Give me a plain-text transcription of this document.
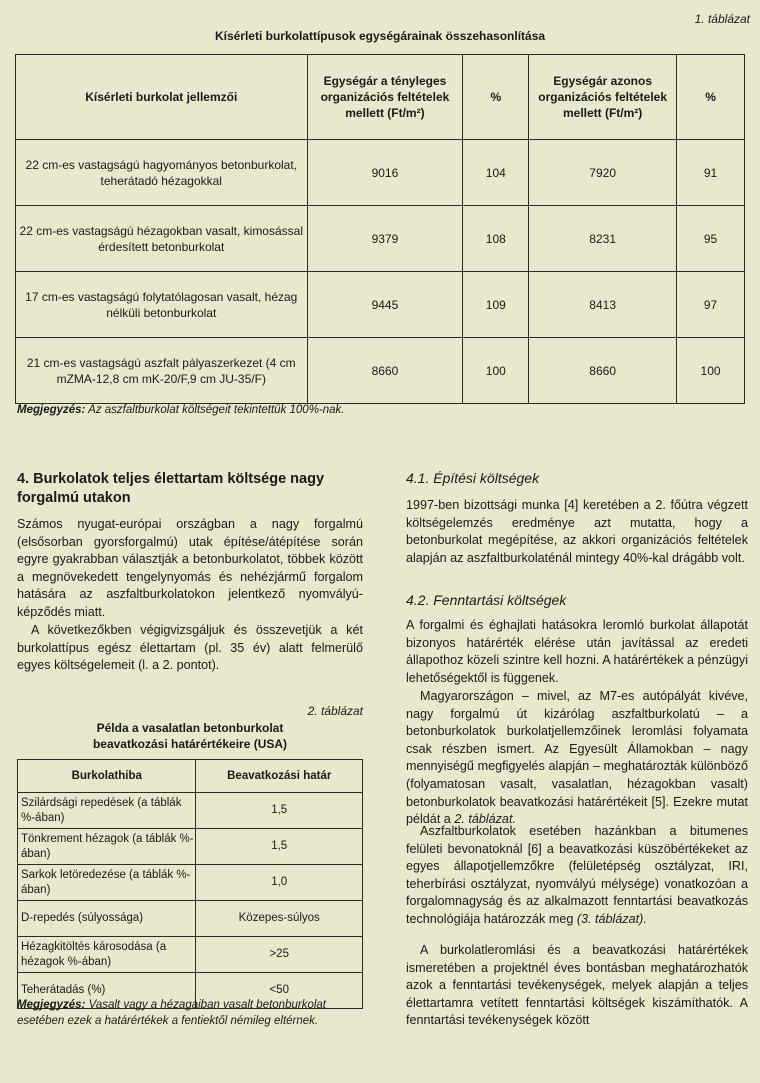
1. táblázat
Kísérleti burkolattípusok egységárainak összehasonlítása
Kísérleti burkolat jellemzői	Egységár a tényleges organizációs feltételek mellett (Ft/m²)	%	Egységár azonos organizációs feltételek mellett (Ft/m²)	%
22 cm-es vastagságú hagyományos betonburkolat, teherátadó hézagokkal	9016	104	7920	91
22 cm-es vastagságú hézagokban vasalt, kimosással érdesített betonburkolat	9379	108	8231	95
17 cm-es vastagságú folytatólagosan vasalt, hézag nélküli betonburkolat	9445	109	8413	97
21 cm-es vastagságú aszfalt pályaszerkezet (4 cm mZMA-12,8 cm mK-20/F,9 cm JU-35/F)	8660	100	8660	100
Megjegyzés: Az aszfaltburkolat költségeit tekintettük 100%-nak.
4. Burkolatok teljes élettartam költsége nagy forgalmú utakon
Számos nyugat-európai országban a nagy forgalmú (elsősorban gyorsforgalmú) utak építése/átépítése során egyre gyakrabban választják a betonburkolatot, többek között a megnövekedett tengelynyomás és nehézjármű forgalom hatására az aszfaltburkolatokon jelentkező nyomvályú-képződés miatt.
A következőkben végigvizsgáljuk és összevetjük a két burkolattípus egész élettartam (pl. 35 év) alatt felmerülő egyes költségelemeit (l. a 2. pontot).
2. táblázat
Példa a vasalatlan betonburkolat
beavatkozási határértékeire (USA)
Burkolathiba	Beavatkozási határ
Szilárdsági repedések (a táblák %-ában)	1,5
Tönkrement hézagok (a táblák %-ában)	1,5
Sarkok letöredezése (a táblák %-ában)	1,0
D-repedés (súlyossága)	Közepes-súlyos
Hézagkitöltés károsodása (a hézagok %-ában)	>25
Teherátadás (%)	<50
Megjegyzés: Vasalt vagy a hézagaiban vasalt betonburkolat esetében ezek a határértékek a fentiektől némileg eltérnek.
4.1. Építési költségek
1997-ben bizottsági munka [4] keretében a 2. főútra végzett költségelemzés eredménye azt mutatta, hogy a betonburkolat megépítése, az akkori organizációs feltételek alapján az aszfaltburkolaténál mintegy 40%-kal drágább volt.
4.2. Fenntartási költségek
A forgalmi és éghajlati hatásokra leromló burkolat állapotát bizonyos határérték elérése után javítással az eredeti állapothoz közeli szintre kell hozni. A határértékek a pénzügyi lehetőségektől is függenek.
Magyarországon – mivel, az M7-es autópályát kivéve, nagy forgalmú út kizárólag aszfaltburkolatú – a betonburkolatok burkolatjellemzőinek leromlási folyamata csak részben ismert. Az Egyesült Államokban – nagy mennyiségű megfigyelés alapján – meghatározták különböző (folyamatosan vasalt, vasalatlan, hézagokban vasalt) betonburkolatok beavatkozási határértékeit [5]. Ezekre mutat példát a 2. táblázat.
Aszfaltburkolatok esetében hazánkban a bitumenes felületi bevonatoknál [6] a beavatkozási küszöbértékeket az egyes állapotjellemzőkre (felületépség osztályzat, IRI, teherbírási osztályzat, nyomvályú mélysége) vonatkozóan a forgalomnagyság és az alkalmazott fenntartási beavatkozás technológiája határozzák meg (3. táblázat).
A burkolatleromlási és a beavatkozási határértékek ismeretében a projektnél éves bontásban meghatározhatók azok a fenntartási tevékenységek, melyek alapján a teljes élettartamra vetített fenntartási költségek kiszámíthatók. A fenntartási tevékenységek között
